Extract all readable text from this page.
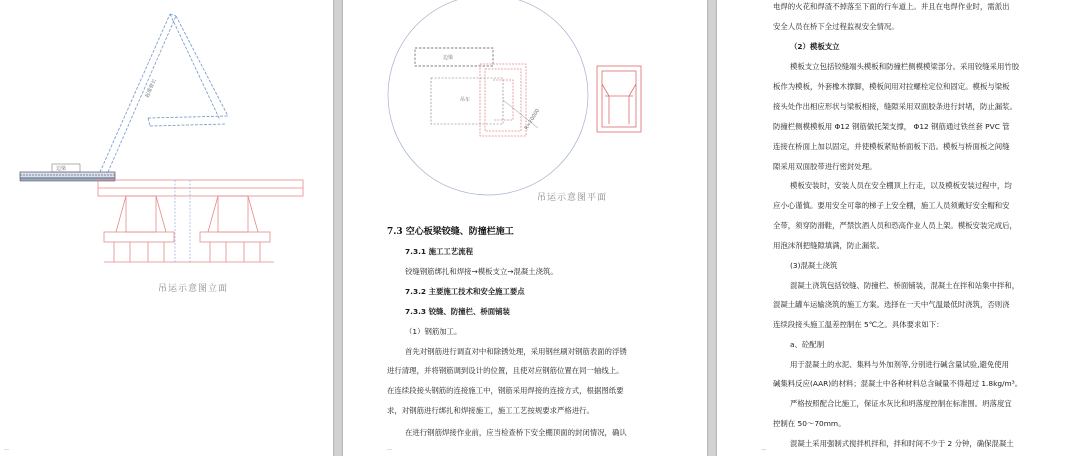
起重臂长
边梁
吊运示意图立面
―
边梁
吊车
R=20000
吊运示意图平面
7.3 空心板梁铰缝、防撞栏施工
7.3.1 施工工艺流程
铰缝钢筋绑扎和焊接→模板支立→混凝土浇筑。
7.3.2 主要施工技术和安全施工要点
7.3.3 铰缝、防撞栏、桥面铺装
（1）钢筋加工。
首先对钢筋进行调直对中和除锈处理，采用钢丝刷对钢筋表面的浮锈
进行清理，并将钢筋调到设计的位置，且使对应钢筋位置在同一轴线上。
在连续段接头钢筋的连接施工中，钢筋采用焊接的连接方式，根据图纸要
求，对钢筋进行绑扎和焊接施工，施工工艺按规要求严格进行。
在进行钢筋焊接作业前，应当检查桥下安全棚顶面的封闭情况，确认
―
电焊的火花和焊渣不掉落至下面的行车道上。并且在电焊作业时，需派出
安全人员在桥下全过程监视安全情况。
（2）模板支立
模板支立包括铰缝端头模板和防撞栏侧模模梁部分。采用铰缝采用竹胶
板作为模板，外套橡木撑脚，模板间用对拉螺栓定位和固定。模板与梁板
接头处作出相应形状与梁板相接，缝隙采用双面胶条进行封堵，防止漏浆。
防撞栏侧模模板用 Φ12 钢筋做托架支撑， Φ12 钢筋通过铁丝套 PVC 管
连接在桥面上加以固定，并使模板紧贴桥面板下沿。模板与桥面板之间缝
隙采用双面胶带进行密封处理。
模板安装时，安装人员在安全棚顶上行走，以及模板安装过程中，均
应小心谨慎。要用安全可靠的梯子上安全棚，施工人员须戴好安全帽和安
全带，须穿防滑鞋，严禁饮酒人员和恐高作业人员上架。模板安装完成后，
用泡沫剂把缝隙填满，防止漏浆。
(3)混凝土浇筑
混凝土浇筑包括铰缝、防撞栏、桥面铺装，混凝土在拌和站集中拌和，
混凝土罐车运输浇筑的施工方案。选择在一天中气温最低时浇筑，否则浇
连续段接头施工温差控制在 5℃之。具体要求如下：
a、砼配制
用于混凝土的水泥、集料与外加剂等,分别进行碱含量试验,避免使用
碱集料反应(AAR)的材料；混凝土中各种材料总含碱量不得超过 1.8kg/m³。
严格按照配合比施工，保证水灰比和坍落度控制在标准围。坍落度宜
控制在 50～70mm。
混凝土采用强制式搅拌机拌和，拌和时间不少于 2 分钟，确保混凝土
―
